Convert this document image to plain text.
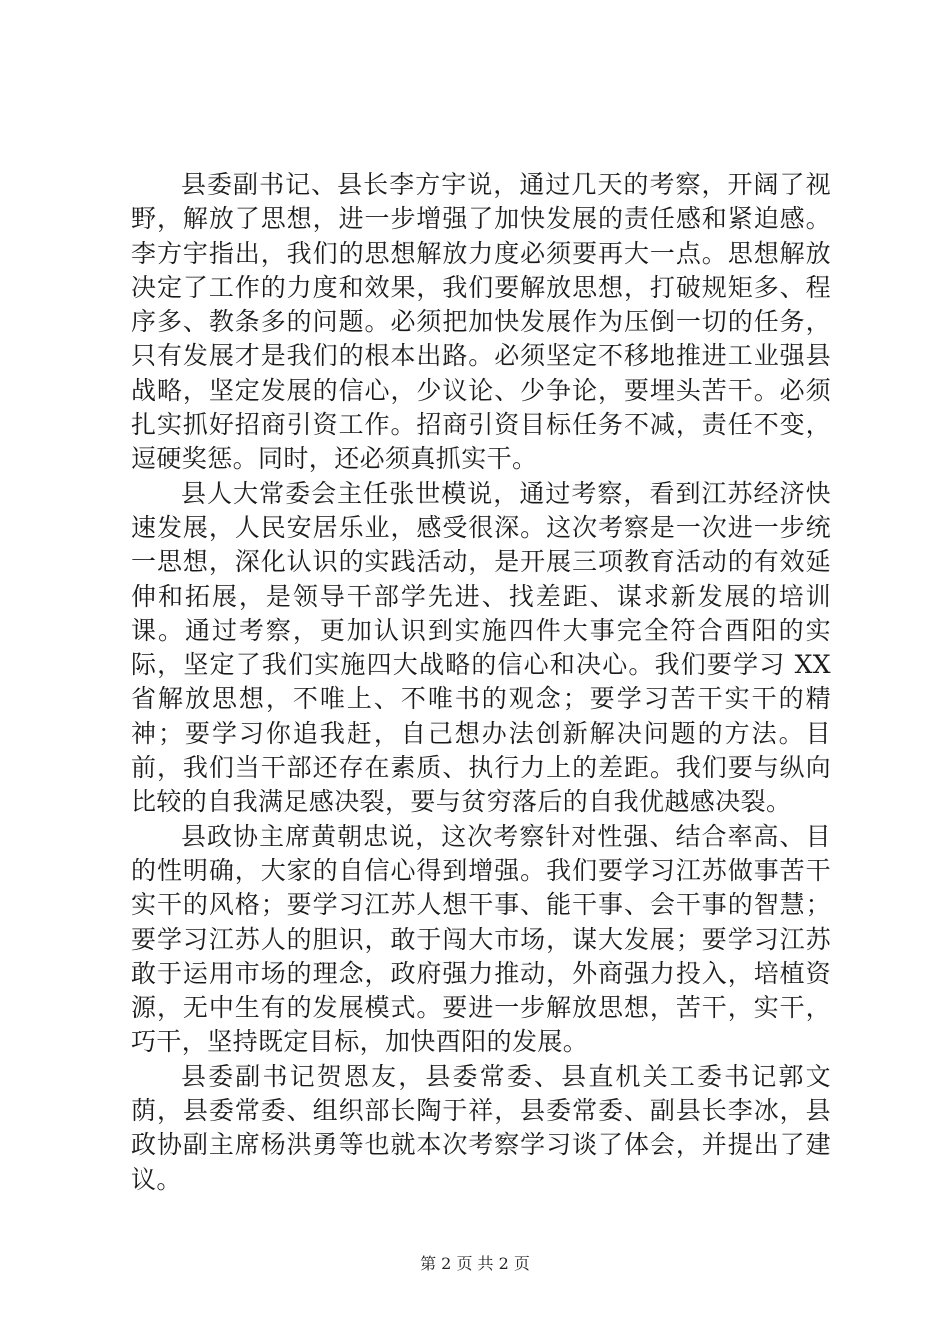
县委副书记、县长李方宇说，通过几天的考察，开阔了视野，解放了思想，进一步增强了加快发展的责任感和紧迫感。李方宇指出，我们的思想解放力度必须要再大一点。思想解放决定了工作的力度和效果，我们要解放思想，打破规矩多、程序多、教条多的问题。必须把加快发展作为压倒一切的任务，只有发展才是我们的根本出路。必须坚定不移地推进工业强县战略，坚定发展的信心，少议论、少争论，要埋头苦干。必须扎实抓好招商引资工作。招商引资目标任务不减，责任不变，逗硬奖惩。同时，还必须真抓实干。

县人大常委会主任张世模说，通过考察，看到江苏经济快速发展，人民安居乐业，感受很深。这次考察是一次进一步统一思想，深化认识的实践活动，是开展三项教育活动的有效延伸和拓展，是领导干部学先进、找差距、谋求新发展的培训课。通过考察，更加认识到实施四件大事完全符合酉阳的实际，坚定了我们实施四大战略的信心和决心。我们要学习 XX 省解放思想，不唯上、不唯书的观念；要学习苦干实干的精神；要学习你追我赶，自己想办法创新解决问题的方法。目前，我们当干部还存在素质、执行力上的差距。我们要与纵向比较的自我满足感决裂，要与贫穷落后的自我优越感决裂。

县政协主席黄朝忠说，这次考察针对性强、结合率高、目的性明确，大家的自信心得到增强。我们要学习江苏做事苦干实干的风格；要学习江苏人想干事、能干事、会干事的智慧；要学习江苏人的胆识，敢于闯大市场，谋大发展；要学习江苏敢于运用市场的理念，政府强力推动，外商强力投入，培植资源，无中生有的发展模式。要进一步解放思想，苦干，实干，巧干，坚持既定目标，加快酉阳的发展。

县委副书记贺恩友，县委常委、县直机关工委书记郭文荫，县委常委、组织部长陶于祥，县委常委、副县长李冰，县政协副主席杨洪勇等也就本次考察学习谈了体会，并提出了建议。

第 2 页 共 2 页
